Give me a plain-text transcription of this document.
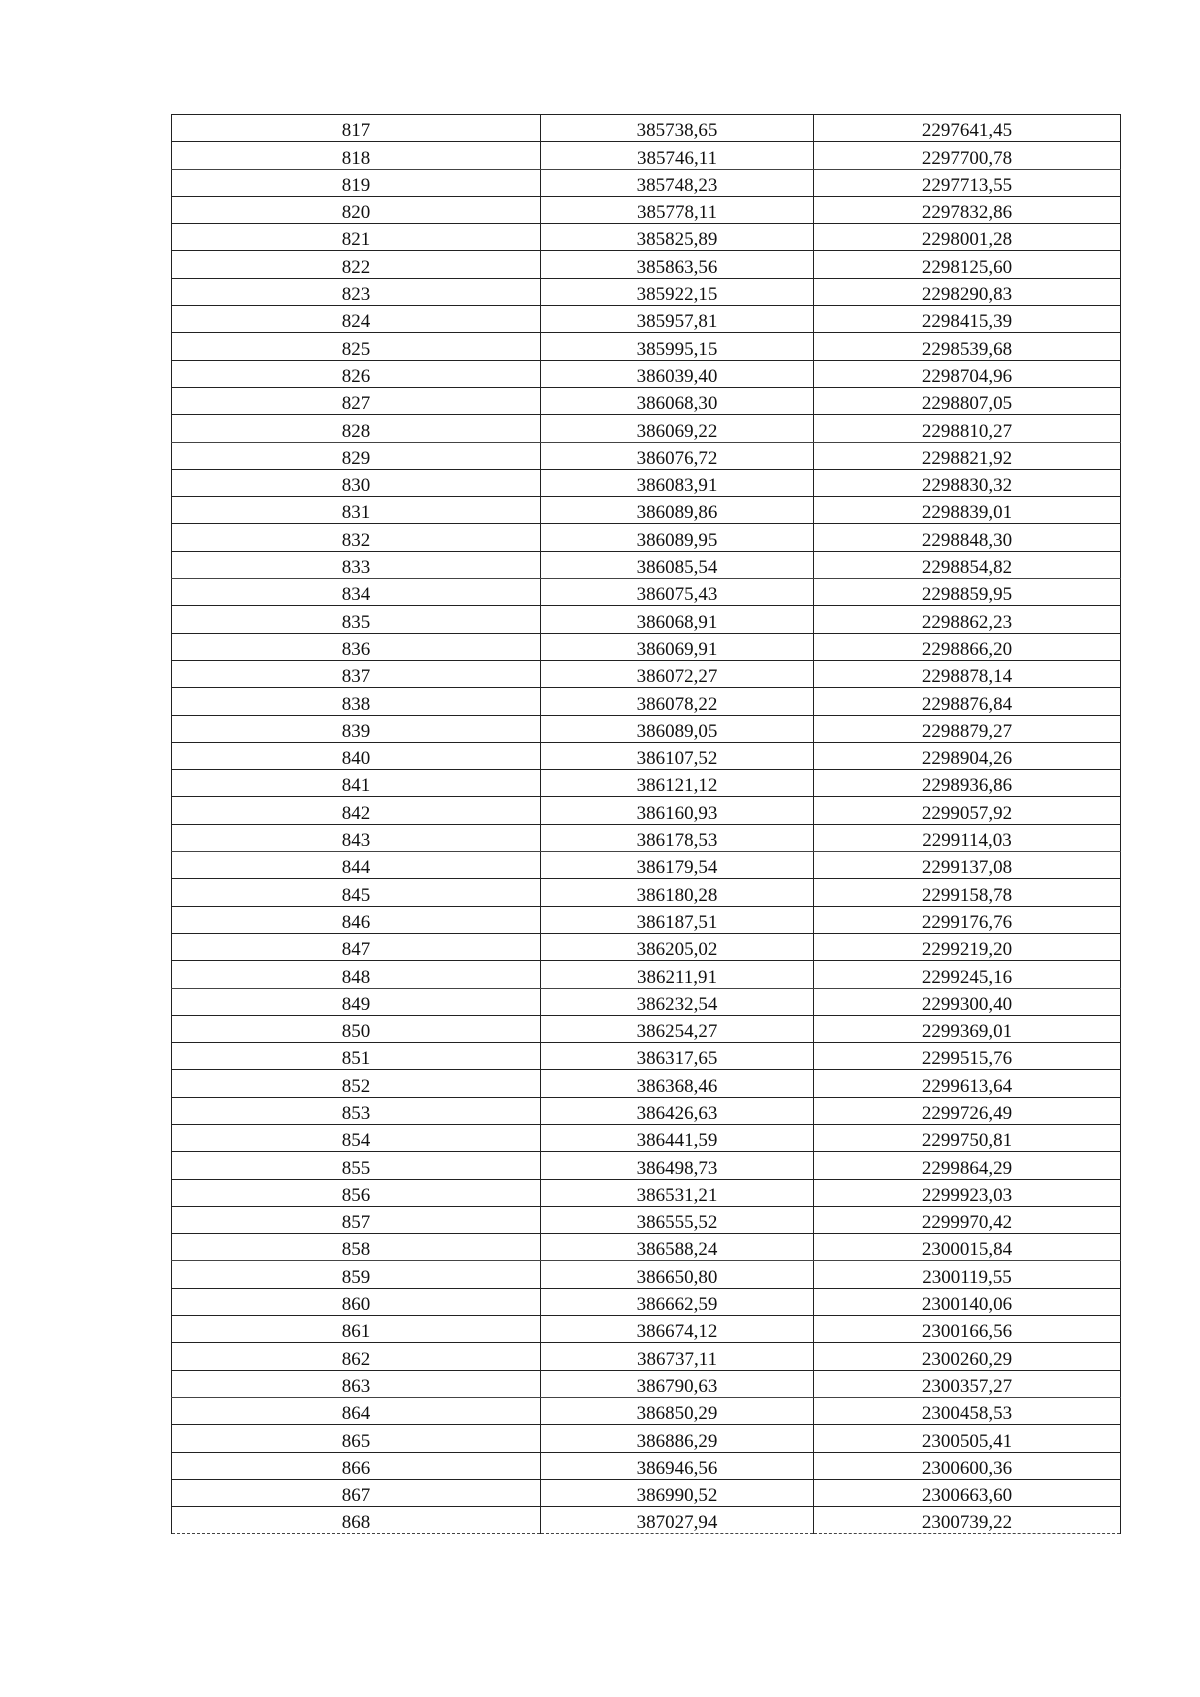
817	385738,65	2297641,45
818	385746,11	2297700,78
819	385748,23	2297713,55
820	385778,11	2297832,86
821	385825,89	2298001,28
822	385863,56	2298125,60
823	385922,15	2298290,83
824	385957,81	2298415,39
825	385995,15	2298539,68
826	386039,40	2298704,96
827	386068,30	2298807,05
828	386069,22	2298810,27
829	386076,72	2298821,92
830	386083,91	2298830,32
831	386089,86	2298839,01
832	386089,95	2298848,30
833	386085,54	2298854,82
834	386075,43	2298859,95
835	386068,91	2298862,23
836	386069,91	2298866,20
837	386072,27	2298878,14
838	386078,22	2298876,84
839	386089,05	2298879,27
840	386107,52	2298904,26
841	386121,12	2298936,86
842	386160,93	2299057,92
843	386178,53	2299114,03
844	386179,54	2299137,08
845	386180,28	2299158,78
846	386187,51	2299176,76
847	386205,02	2299219,20
848	386211,91	2299245,16
849	386232,54	2299300,40
850	386254,27	2299369,01
851	386317,65	2299515,76
852	386368,46	2299613,64
853	386426,63	2299726,49
854	386441,59	2299750,81
855	386498,73	2299864,29
856	386531,21	2299923,03
857	386555,52	2299970,42
858	386588,24	2300015,84
859	386650,80	2300119,55
860	386662,59	2300140,06
861	386674,12	2300166,56
862	386737,11	2300260,29
863	386790,63	2300357,27
864	386850,29	2300458,53
865	386886,29	2300505,41
866	386946,56	2300600,36
867	386990,52	2300663,60
868	387027,94	2300739,22
